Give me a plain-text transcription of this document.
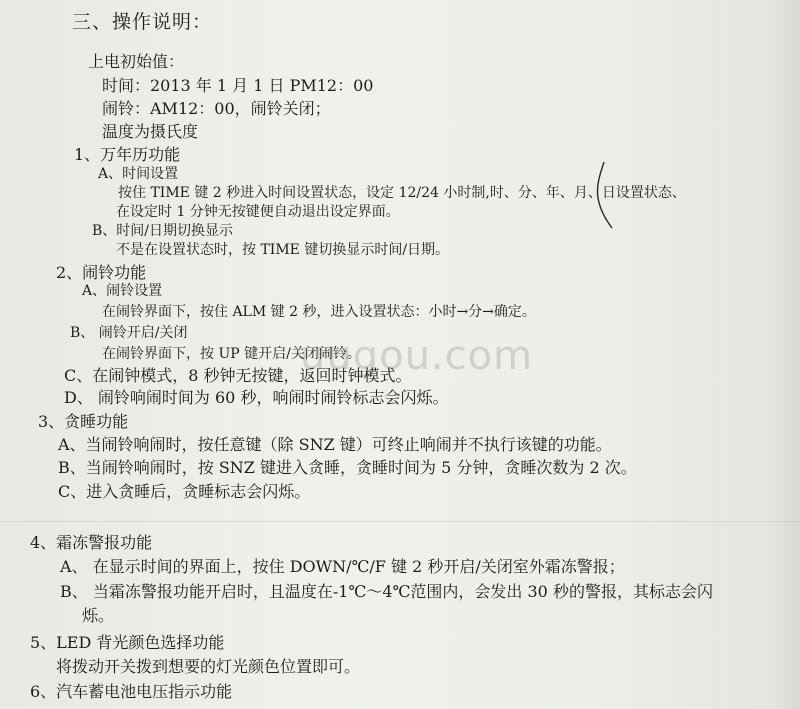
uugou.com
三、操作说明：
上电初始值：
时间：2013 年 1 月 1 日 PM12：00
闹铃：AM12：00，闹铃关闭；
温度为摄氏度
1、万年历功能
A、时间设置
按住 TIME 键 2 秒进入时间设置状态，设定 12/24 小时制,时、分、年、月、日设置状态、
在设定时 1 分钟无按键便自动退出设定界面。
B、时间/日期切换显示
不是在设置状态时，按 TIME 键切换显示时间/日期。
2、闹铃功能
A、闹铃设置
在闹铃界面下，按住 ALM 键 2 秒，进入设置状态：小时→分→确定。
B、 闹铃开启/关闭
在闹铃界面下，按 UP 键开启/关闭闹铃。
C、在闹钟模式，8 秒钟无按键，返回时钟模式。
D、 闹铃响闹时间为 60 秒，响闹时闹铃标志会闪烁。
3、贪睡功能
A、当闹铃响闹时，按任意键（除 SNZ 键）可终止响闹并不执行该键的功能。
B、当闹铃响闹时，按 SNZ 键进入贪睡，贪睡时间为 5 分钟，贪睡次数为 2 次。
C、进入贪睡后，贪睡标志会闪烁。
4、霜冻警报功能
A、 在显示时间的界面上，按住 DOWN/℃/F 键 2 秒开启/关闭室外霜冻警报；
B、 当霜冻警报功能开启时，且温度在-1℃～4℃范围内，会发出 30 秒的警报，其标志会闪
烁。
5、LED 背光颜色选择功能
将拨动开关拨到想要的灯光颜色位置即可。
6、汽车蓄电池电压指示功能
